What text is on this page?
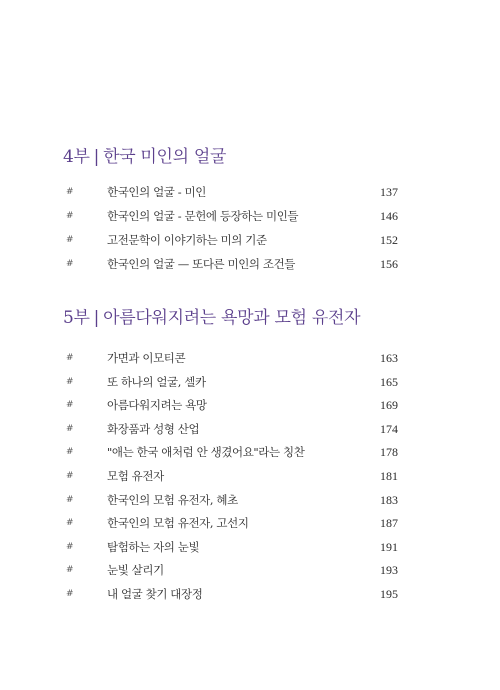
4부 | 한국 미인의 얼굴
#	한국인의 얼굴 - 미인	137
#	한국인의 얼굴 - 문헌에 등장하는 미인들	146
#	고전문학이 이야기하는 미의 기준	152
#	한국인의 얼굴 — 또다른 미인의 조건들	156
5부 | 아름다워지려는 욕망과 모험 유전자
#	가면과 이모티콘	163
#	또 하나의 얼굴, 셀카	165
#	아름다워지려는 욕망	169
#	화장품과 성형 산업	174
#	"애는 한국 애처럼 안 생겼어요"라는 칭찬	178
#	모험 유전자	181
#	한국인의 모험 유전자, 혜초	183
#	한국인의 모험 유전자, 고선지	187
#	탐험하는 자의 눈빛	191
#	눈빛 살리기	193
#	내 얼굴 찾기 대장정	195
